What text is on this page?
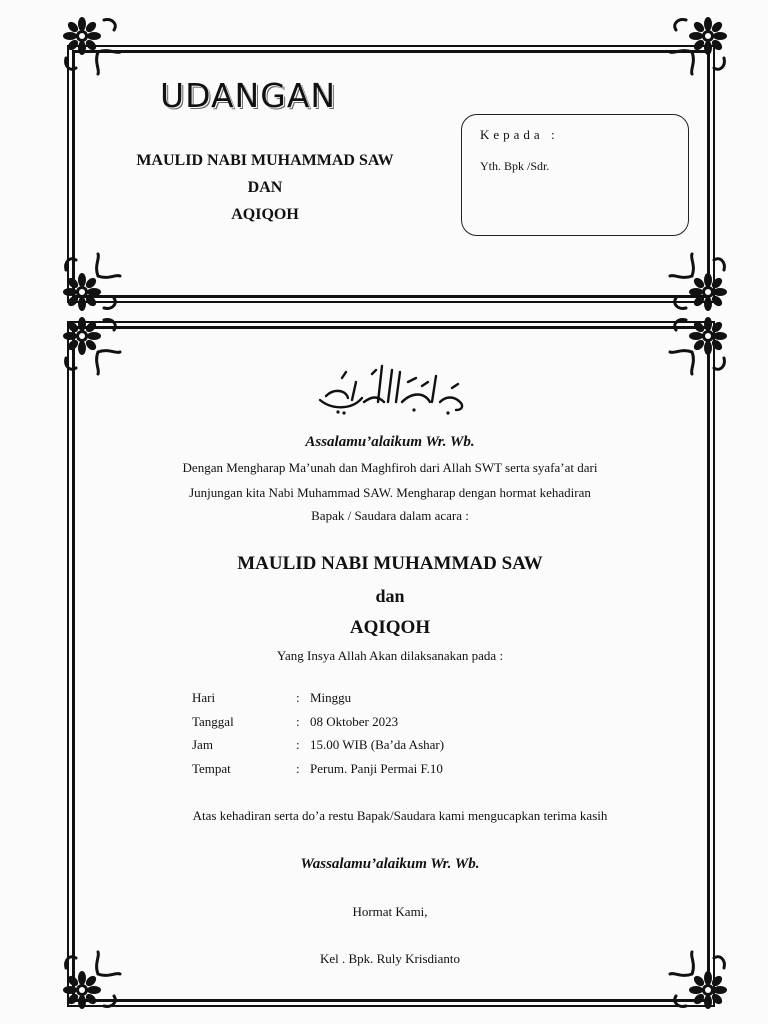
UDANGAN
MAULID NABI MUHAMMAD SAW
DAN
AQIQOH
Kepada :
Yth. Bpk /Sdr.
Assalamu’alaikum Wr. Wb.
Dengan Mengharap Ma’unah dan Maghfiroh dari Allah SWT serta syafa’at dari
Junjungan kita Nabi Muhammad SAW. Mengharap dengan hormat kehadiran
Bapak / Saudara dalam acara :
MAULID NABI MUHAMMAD SAW
dan
AQIQOH
Yang Insya Allah Akan dilaksanakan pada :
Hari	: Minggu
Tanggal	: 08 Oktober 2023
Jam	: 15.00 WIB (Ba’da Ashar)
Tempat	: Perum. Panji Permai F.10
Atas kehadiran serta do’a restu Bapak/Saudara kami mengucapkan terima kasih
Wassalamu’alaikum Wr. Wb.
Hormat Kami,
Kel . Bpk. Ruly Krisdianto
